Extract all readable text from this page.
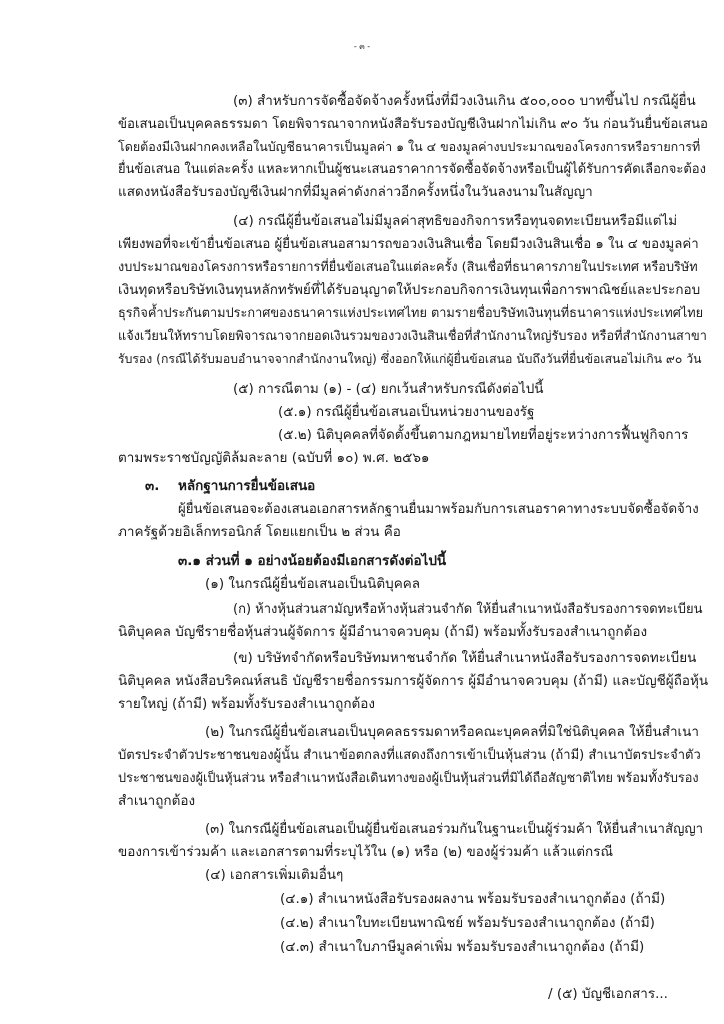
- ๓ -

(๓) สำหรับการจัดซื้อจัดจ้างครั้งหนึ่งที่มีวงเงินเกิน ๕๐๐,๐๐๐ บาทขึ้นไป กรณีผู้ยื่น

ข้อเสนอเป็นบุคคลธรรมดา โดยพิจารณาจากหนังสือรับรองบัญชีเงินฝากไม่เกิน ๙๐ วัน ก่อนวันยื่นข้อเสนอ

โดยต้องมีเงินฝากคงเหลือในบัญชีธนาคารเป็นมูลค่า ๑ ใน ๔ ของมูลค่างบประมาณของโครงการหรือรายการที่

ยื่นข้อเสนอ ในแต่ละครั้ง แหละหากเป็นผู้ชนะเสนอราคาการจัดซื้อจัดจ้างหรือเป็นผู้ได้รับการคัดเลือกจะต้อง

แสดงหนังสือรับรองบัญชีเงินฝากที่มีมูลค่าดังกล่าวอีกครั้งหนึ่งในวันลงนามในสัญญา

(๔) กรณีผู้ยื่นข้อเสนอไม่มีมูลค่าสุทธิของกิจการหรือทุนจดทะเบียนหรือมีแต่ไม่

เพียงพอที่จะเข้ายื่นข้อเสนอ ผู้ยื่นข้อเสนอสามารถขอวงเงินสินเชื่อ โดยมีวงเงินสินเชื่อ ๑ ใน ๔ ของมูลค่า

งบประมาณของโครงการหรือรายการที่ยื่นข้อเสนอในแต่ละครั้ง (สินเชื่อที่ธนาคารภายในประเทศ หรือบริษัท

เงินทุดหรือบริษัทเงินทุนหลักทรัพย์ที่ได้รับอนุญาตให้ประกอบกิจการเงินทุนเพื่อการพาณิชย์และประกอบ

ธุรกิจค้ำประกันตามประกาศของธนาคารแห่งประเทศไทย ตามรายชื่อบริษัทเงินทุนที่ธนาคารแห่งประเทศไทย

แจ้งเวียนให้ทราบโดยพิจารณาจากยอดเงินรวมของวงเงินสินเชื่อที่สำนักงานใหญ่รับรอง หรือที่สำนักงานสาขา

รับรอง (กรณีได้รับมอบอำนาจจากสำนักงานใหญ่) ซึ่งออกให้แก่ผู้ยื่นข้อเสนอ นับถึงวันที่ยื่นข้อเสนอไม่เกิน ๙๐ วัน

(๕) การณีตาม (๑) - (๔) ยกเว้นสำหรับกรณีดังต่อไปนี้

(๕.๑) กรณีผู้ยื่นข้อเสนอเป็นหน่วยงานของรัฐ

(๕.๒) นิติบุคคลที่จัดตั้งขึ้นตามกฎหมายไทยที่อยู่ระหว่างการฟื้นฟูกิจการ

ตามพระราชบัญญัติล้มละลาย (ฉบับที่ ๑๐) พ.ศ. ๒๕๖๑

๓. หลักฐานการยื่นข้อเสนอ

ผู้ยื่นข้อเสนอจะต้องเสนอเอกสารหลักฐานยื่นมาพร้อมกับการเสนอราคาทางระบบจัดซื้อจัดจ้าง

ภาครัฐด้วยอิเล็กทรอนิกส์ โดยแยกเป็น ๒ ส่วน คือ

๓.๑ ส่วนที่ ๑ อย่างน้อยต้องมีเอกสารดังต่อไปนี้

(๑) ในกรณีผู้ยื่นข้อเสนอเป็นนิติบุคคล

(ก) ห้างหุ้นส่วนสามัญหรือห้างหุ้นส่วนจำกัด ให้ยื่นสำเนาหนังสือรับรองการจดทะเบียน

นิติบุคคล บัญชีรายชื่อหุ้นส่วนผู้จัดการ ผู้มีอำนาจควบคุม (ถ้ามี) พร้อมทั้งรับรองสำเนาถูกต้อง

(ข) บริษัทจำกัดหรือบริษัทมหาชนจำกัด ให้ยื่นสำเนาหนังสือรับรองการจดทะเบียน

นิติบุคคล หนังสือบริคณห์สนธิ บัญชีรายชื่อกรรมการผู้จัดการ ผู้มีอำนาจควบคุม (ถ้ามี) และบัญชีผู้ถือหุ้น

รายใหญ่ (ถ้ามี) พร้อมทั้งรับรองสำเนาถูกต้อง

(๒) ในกรณีผู้ยื่นข้อเสนอเป็นบุคคลธรรมดาหรือคณะบุคคลที่มิใช่นิติบุคคล ให้ยื่นสำเนา

บัตรประจำตัวประชาชนของผู้นั้น สำเนาข้อตกลงที่แสดงถึงการเข้าเป็นหุ้นส่วน (ถ้ามี) สำเนาบัตรประจำตัว

ประชาชนของผู้เป็นหุ้นส่วน หรือสำเนาหนังสือเดินทางของผู้เป็นหุ้นส่วนที่มิได้ถือสัญชาติไทย พร้อมทั้งรับรอง

สำเนาถูกต้อง

(๓) ในกรณีผู้ยื่นข้อเสนอเป็นผู้ยื่นข้อเสนอร่วมกันในฐานะเป็นผู้ร่วมค้า ให้ยื่นสำเนาสัญญา

ของการเข้าร่วมค้า และเอกสารตามที่ระบุไว้ใน (๑) หรือ (๒) ของผู้ร่วมค้า แล้วแต่กรณี

(๔) เอกสารเพิ่มเติมอื่นๆ

(๔.๑) สำเนาหนังสือรับรองผลงาน พร้อมรับรองสำเนาถูกต้อง (ถ้ามี)

(๔.๒) สำเนาใบทะเบียนพาณิชย์ พร้อมรับรองสำเนาถูกต้อง (ถ้ามี)

(๔.๓) สำเนาใบภาษีมูลค่าเพิ่ม พร้อมรับรองสำเนาถูกต้อง (ถ้ามี)

/ (๕) บัญชีเอกสาร...
